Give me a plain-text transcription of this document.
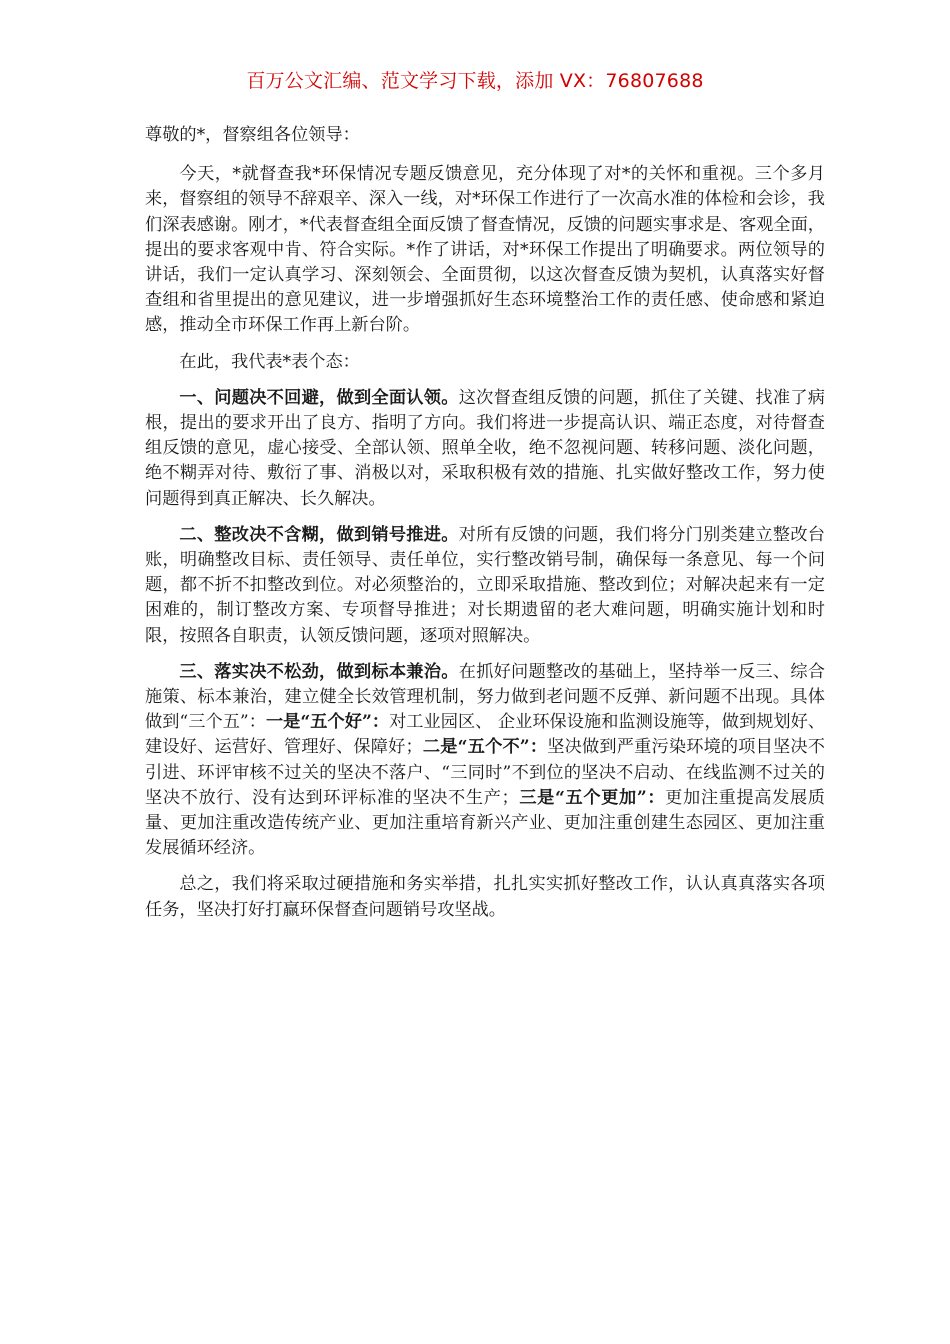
百万公文汇编、范文学习下载，添加 VX：76807688

尊敬的*，督察组各位领导：

今天，*就督查我*环保情况专题反馈意见，充分体现了对*的关怀和重视。三个多月来，督察组的领导不辞艰辛、深入一线，对*环保工作进行了一次高水准的体检和会诊，我们深表感谢。刚才，*代表督查组全面反馈了督查情况，反馈的问题实事求是、客观全面，提出的要求客观中肯、符合实际。*作了讲话，对*环保工作提出了明确要求。两位领导的讲话，我们一定认真学习、深刻领会、全面贯彻，以这次督查反馈为契机，认真落实好督查组和省里提出的意见建议，进一步增强抓好生态环境整治工作的责任感、使命感和紧迫感，推动全市环保工作再上新台阶。

在此，我代表*表个态：

一、问题决不回避，做到全面认领。这次督查组反馈的问题，抓住了关键、找准了病根，提出的要求开出了良方、指明了方向。我们将进一步提高认识、端正态度，对待督查组反馈的意见，虚心接受、全部认领、照单全收，绝不忽视问题、转移问题、淡化问题，绝不糊弄对待、敷衍了事、消极以对，采取积极有效的措施、扎实做好整改工作，努力使问题得到真正解决、长久解决。

二、整改决不含糊，做到销号推进。对所有反馈的问题，我们将分门别类建立整改台账，明确整改目标、责任领导、责任单位，实行整改销号制，确保每一条意见、每一个问题，都不折不扣整改到位。对必须整治的，立即采取措施、整改到位；对解决起来有一定困难的，制订整改方案、专项督导推进；对长期遗留的老大难问题，明确实施计划和时限，按照各自职责，认领反馈问题，逐项对照解决。

三、落实决不松劲，做到标本兼治。在抓好问题整改的基础上，坚持举一反三、综合施策、标本兼治，建立健全长效管理机制，努力做到老问题不反弹、新问题不出现。具体做到“三个五”：一是“五个好”：对工业园区、 企业环保设施和监测设施等，做到规划好、建设好、运营好、管理好、保障好；二是“五个不”：坚决做到严重污染环境的项目坚决不引进、环评审核不过关的坚决不落户、“三同时”不到位的坚决不启动、在线监测不过关的坚决不放行、没有达到环评标准的坚决不生产；三是“五个更加”：更加注重提高发展质量、更加注重改造传统产业、更加注重培育新兴产业、更加注重创建生态园区、更加注重发展循环经济。

总之，我们将采取过硬措施和务实举措，扎扎实实抓好整改工作，认认真真落实各项任务，坚决打好打赢环保督查问题销号攻坚战。
